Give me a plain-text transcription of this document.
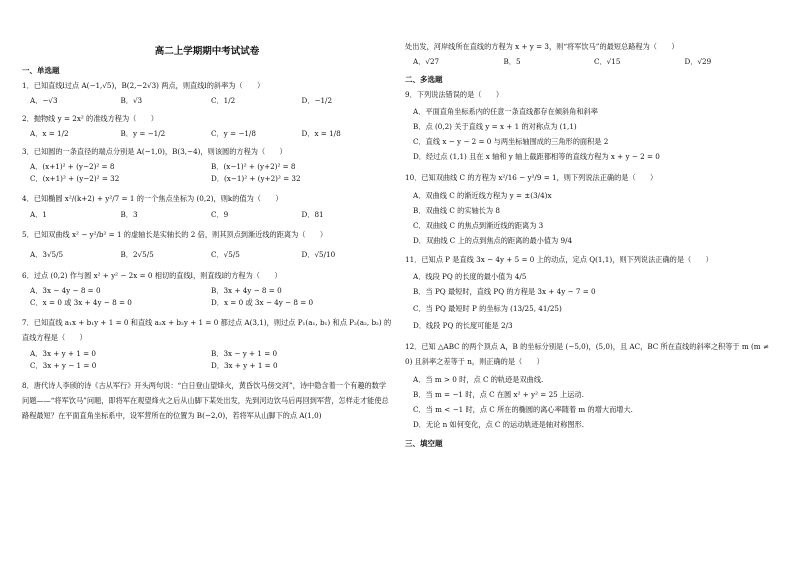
高二上学期期中考试试卷
一、单选题
1．已知直线l过点 A(−1,√5)，B(2,−2√3) 两点，则直线l的斜率为（　　）
A．−√3	B．√3	C．1/2	D．−1/2
2．抛物线 y = 2x² 的准线方程为（　　）
A．x = 1/2	B．y = −1/2	C．y = −1/8	D．x = 1/8
3．已知圆的一条直径的端点分别是 A(−1,0)，B(3,−4)，则该圆的方程为（　　）
A．(x+1)² + (y−2)² = 8	B．(x−1)² + (y+2)² = 8
C．(x+1)² + (y−2)² = 32	D．(x−1)² + (y+2)² = 32
4．已知椭圆 x²/(k+2) + y²/7 = 1 的一个焦点坐标为 (0,2)，则k的值为（　　）
A．1	B．3	C．9	D．81
5．已知双曲线 x² − y²/b² = 1 的虚轴长是实轴长的 2 倍，则其顶点到渐近线的距离为（　　）
A．3√5/5	B．2√5/5	C．√5/5	D．√5/10
6．过点 (0,2) 作与圆 x² + y² − 2x = 0 相切的直线l，则直线l的方程为（　　）
A．3x − 4y − 8 = 0	B．3x + 4y − 8 = 0
C．x = 0 或 3x + 4y − 8 = 0	D．x = 0 或 3x − 4y − 8 = 0
7．已知直线 a₁x + b₁y + 1 = 0 和直线 a₂x + b₂y + 1 = 0 都过点 A(3,1)，则过点 P₁(a₁, b₁) 和点 P₂(a₂, b₂) 的直线方程是（　　）
A．3x + y + 1 = 0	B．3x − y + 1 = 0
C．3x + y − 1 = 0	D．3x + y + 1 = 0
8．唐代诗人李颀的诗《古从军行》开头两句说：“白日登山望烽火，黄昏饮马傍交河”，诗中隐含着一个有趣的数学问题——“将军饮马”问题，即将军在观望烽火之后从山脚下某处出发，先到河边饮马后再回到军营，怎样走才能使总路程最短？在平面直角坐标系中，设军营所在的位置为 B(−2,0)，若将军从山脚下的点 A(1,0)
处出发，河岸线所在直线的方程为 x + y = 3，则“将军饮马”的最短总路程为（　　）
A．√27	B．5	C．√15	D．√29
二、多选题
9．下列说法错误的是（　　）
A．平面直角坐标系内的任意一条直线都存在倾斜角和斜率
B．点 (0,2) 关于直线 y = x + 1 的对称点为 (1,1)
C．直线 x − y − 2 = 0 与两坐标轴围成的三角形的面积是 2
D．经过点 (1,1) 且在 x 轴和 y 轴上截距都相等的直线方程为 x + y − 2 = 0
10．已知双曲线 C 的方程为 x²/16 − y²/9 = 1，则下列说法正确的是（　　）
A．双曲线 C 的渐近线方程为 y = ±(3/4)x
B．双曲线 C 的实轴长为 8
C．双曲线 C 的焦点到渐近线的距离为 3
D．双曲线 C 上的点到焦点的距离的最小值为 9/4
11．已知点 P 是直线 3x − 4y + 5 = 0 上的动点，定点 Q(1,1)，则下列说法正确的是（　　）
A．线段 PQ 的长度的最小值为 4/5
B．当 PQ 最短时，直线 PQ 的方程是 3x + 4y − 7 = 0
C．当 PQ 最短时 P 的坐标为 (13/25, 41/25)
D．线段 PQ 的长度可能是 2/3
12．已知 △ABC 的两个顶点 A，B 的坐标分别是 (−5,0)，(5,0)，且 AC，BC 所在直线的斜率之积等于 m (m ≠ 0) 且斜率之差等于 n，则正确的是（　　）
A．当 m > 0 时，点 C 的轨迹是双曲线.
B．当 m = −1 时，点 C 在圆 x² + y² = 25 上运动.
C．当 m < −1 时，点 C 所在的椭圆的离心率随着 m 的增大而增大.
D．无论 n 如何变化，点 C 的运动轨迹是轴对称图形.
三、填空题
